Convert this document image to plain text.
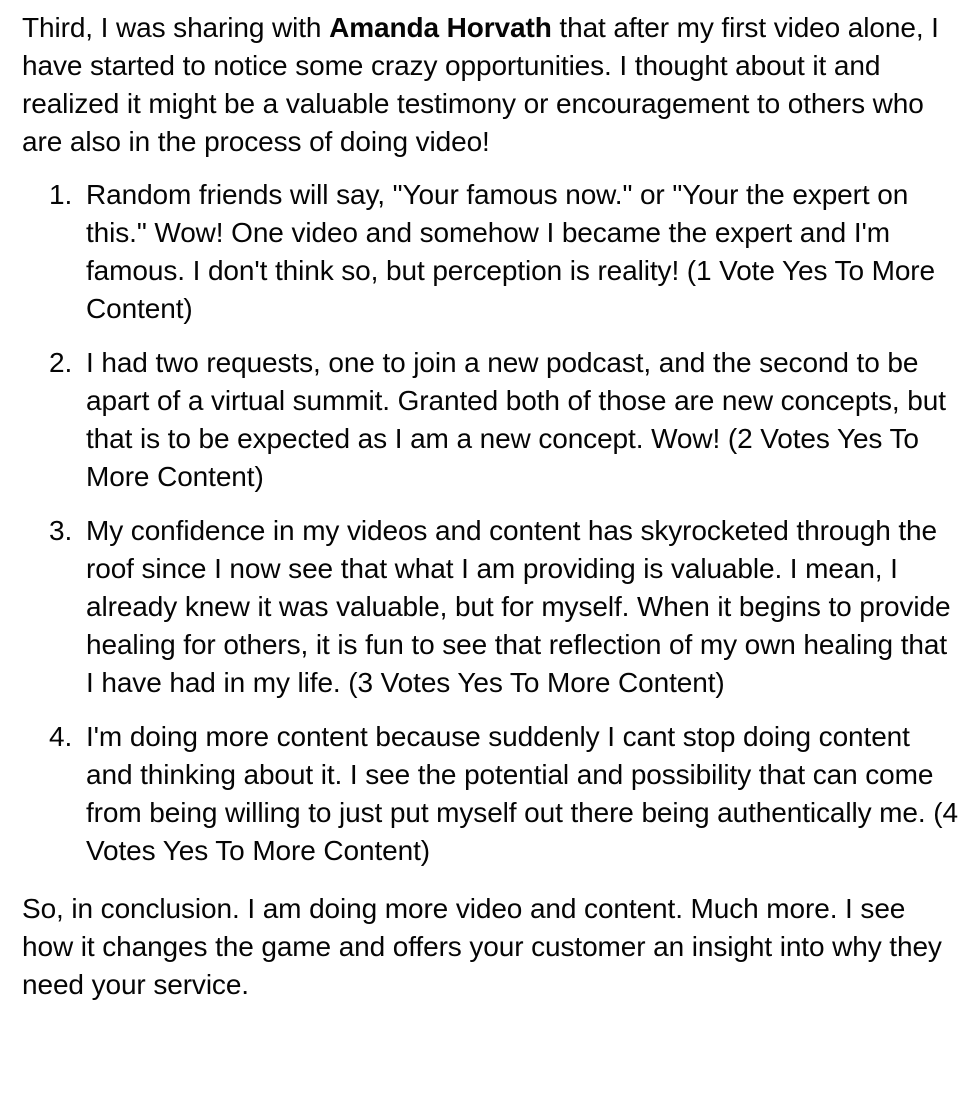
Third, I was sharing with Amanda Horvath that after my first video alone, I have started to notice some crazy opportunities. I thought about it and realized it might be a valuable testimony or encouragement to others who are also in the process of doing video!

1. Random friends will say, "Your famous now." or "Your the expert on this." Wow! One video and somehow I became the expert and I'm famous. I don't think so, but perception is reality! (1 Vote Yes To More Content)
2. I had two requests, one to join a new podcast, and the second to be apart of a virtual summit. Granted both of those are new concepts, but that is to be expected as I am a new concept. Wow! (2 Votes Yes To More Content)
3. My confidence in my videos and content has skyrocketed through the roof since I now see that what I am providing is valuable. I mean, I already knew it was valuable, but for myself. When it begins to provide healing for others, it is fun to see that reflection of my own healing that I have had in my life. (3 Votes Yes To More Content)
4. I'm doing more content because suddenly I cant stop doing content and thinking about it. I see the potential and possibility that can come from being willing to just put myself out there being authentically me. (4 Votes Yes To More Content)

So, in conclusion. I am doing more video and content. Much more. I see how it changes the game and offers your customer an insight into why they need your service.
